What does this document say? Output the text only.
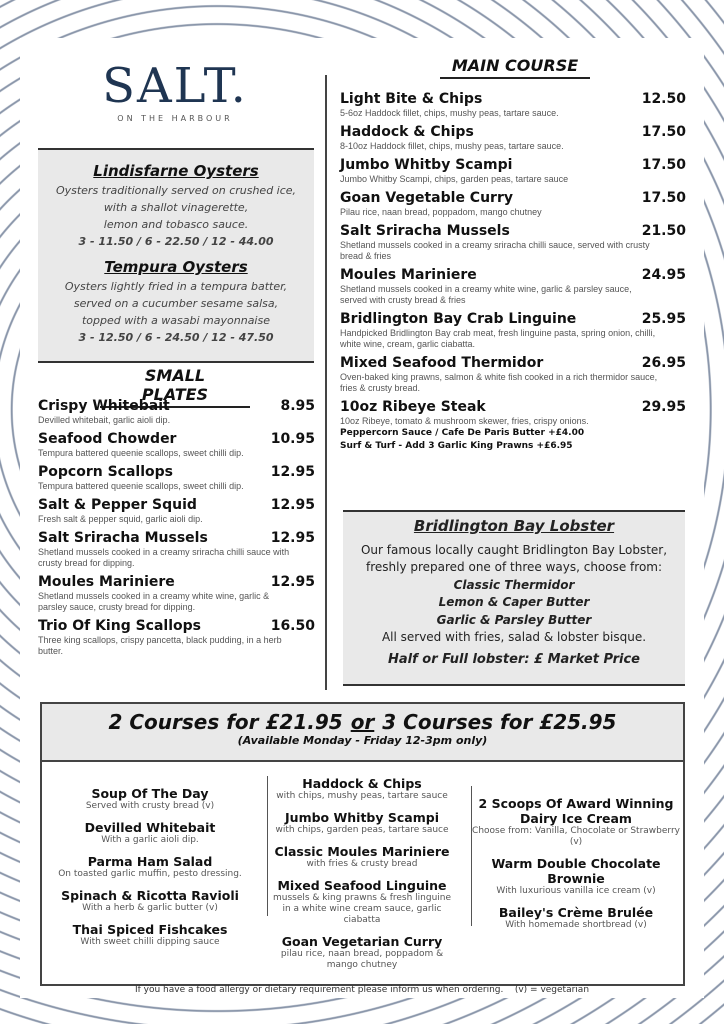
SALT.
ON THE HARBOUR
Lindisfarne Oysters

Oysters traditionally served on crushed ice,

with a shallot vinagerette,

lemon and tobasco sauce.

3 - 11.50 / 6 - 22.50 / 12 - 44.00

Tempura Oysters

Oysters lightly fried in a tempura batter,

served on a cucumber sesame salsa,

topped with a wasabi mayonnaise

3 - 12.50 / 6 - 24.50 / 12 - 47.50

SMALL PLATES
Crispy Whitebait	8.95
Devilled whitebait, garlic aioli dip.
Seafood Chowder	10.95
Tempura battered queenie scallops, sweet chilli dip.
Popcorn Scallops	12.95
Tempura battered queenie scallops, sweet chilli dip.
Salt & Pepper Squid	12.95
Fresh salt & pepper squid, garlic aioli dip.
Salt Sriracha Mussels	12.95
Shetland mussels cooked in a creamy sriracha chilli sauce with crusty bread for dipping.
Moules Mariniere	12.95
Shetland mussels cooked in a creamy white wine, garlic & parsley sauce, crusty bread for dipping.
Trio Of King Scallops	16.50
Three king scallops, crispy pancetta, black pudding, in a herb butter.
MAIN COURSE
Light Bite & Chips	12.50
5-6oz Haddock fillet, chips, mushy peas, tartare sauce.
Haddock & Chips	17.50
8-10oz Haddock fillet, chips, mushy peas, tartare sauce.
Jumbo Whitby Scampi	17.50
Jumbo Whitby Scampi, chips, garden peas, tartare sauce
Goan Vegetable Curry	17.50
Pilau rice, naan bread, poppadom, mango chutney
Salt Sriracha Mussels	21.50
Shetland mussels cooked in a creamy sriracha chilli sauce, served with crusty bread & fries
Moules Mariniere	24.95
Shetland mussels cooked in a creamy white wine, garlic & parsley sauce, served with crusty bread & fries
Bridlington Bay Crab Linguine	25.95
Handpicked Bridlington Bay crab meat, fresh linguine pasta, spring onion, chilli, white wine, cream, garlic ciabatta.
Mixed Seafood Thermidor	26.95
Oven-baked king prawns, salmon & white fish cooked in a rich thermidor sauce, fries & crusty bread.
10oz Ribeye Steak	29.95
10oz Ribeye, tomato & mushroom skewer, fries, crispy onions.
Peppercorn Sauce / Cafe De Paris Butter +£4.00
Surf & Turf - Add 3 Garlic King Prawns +£6.95
Bridlington Bay Lobster
Our famous locally caught Bridlington Bay Lobster,
freshly prepared one of three ways, choose from:
Classic Thermidor
Lemon & Caper Butter
Garlic & Parsley Butter
All served with fries, salad & lobster bisque.
Half or Full lobster: £ Market Price
2 Courses for £21.95 or 3 Courses for £25.95
(Available Monday - Friday 12-3pm only)
Soup Of The Day
Served with crusty bread (v)
Devilled Whitebait
With a garlic aioli dip.
Parma Ham Salad
On toasted garlic muffin, pesto dressing.
Spinach & Ricotta Ravioli
With a herb & garlic butter (v)
Thai Spiced Fishcakes
With sweet chilli dipping sauce
Haddock & Chips
with chips, mushy peas, tartare sauce
Jumbo Whitby Scampi
with chips, garden peas, tartare sauce
Classic Moules Mariniere
with fries & crusty bread
Mixed Seafood Linguine
mussels & king prawns & fresh linguine in a white wine cream sauce, garlic ciabatta
Goan Vegetarian Curry
pilau rice, naan bread, poppadom & mango chutney
2 Scoops Of Award Winning Dairy Ice Cream
Choose from: Vanilla, Chocolate or Strawberry (v)
Warm Double Chocolate Brownie
With luxurious vanilla ice cream (v)
Bailey's Crème Brulée
With homemade shortbread (v)
If you have a food allergy or dietary requirement please inform us when ordering. (v) = vegetarian
